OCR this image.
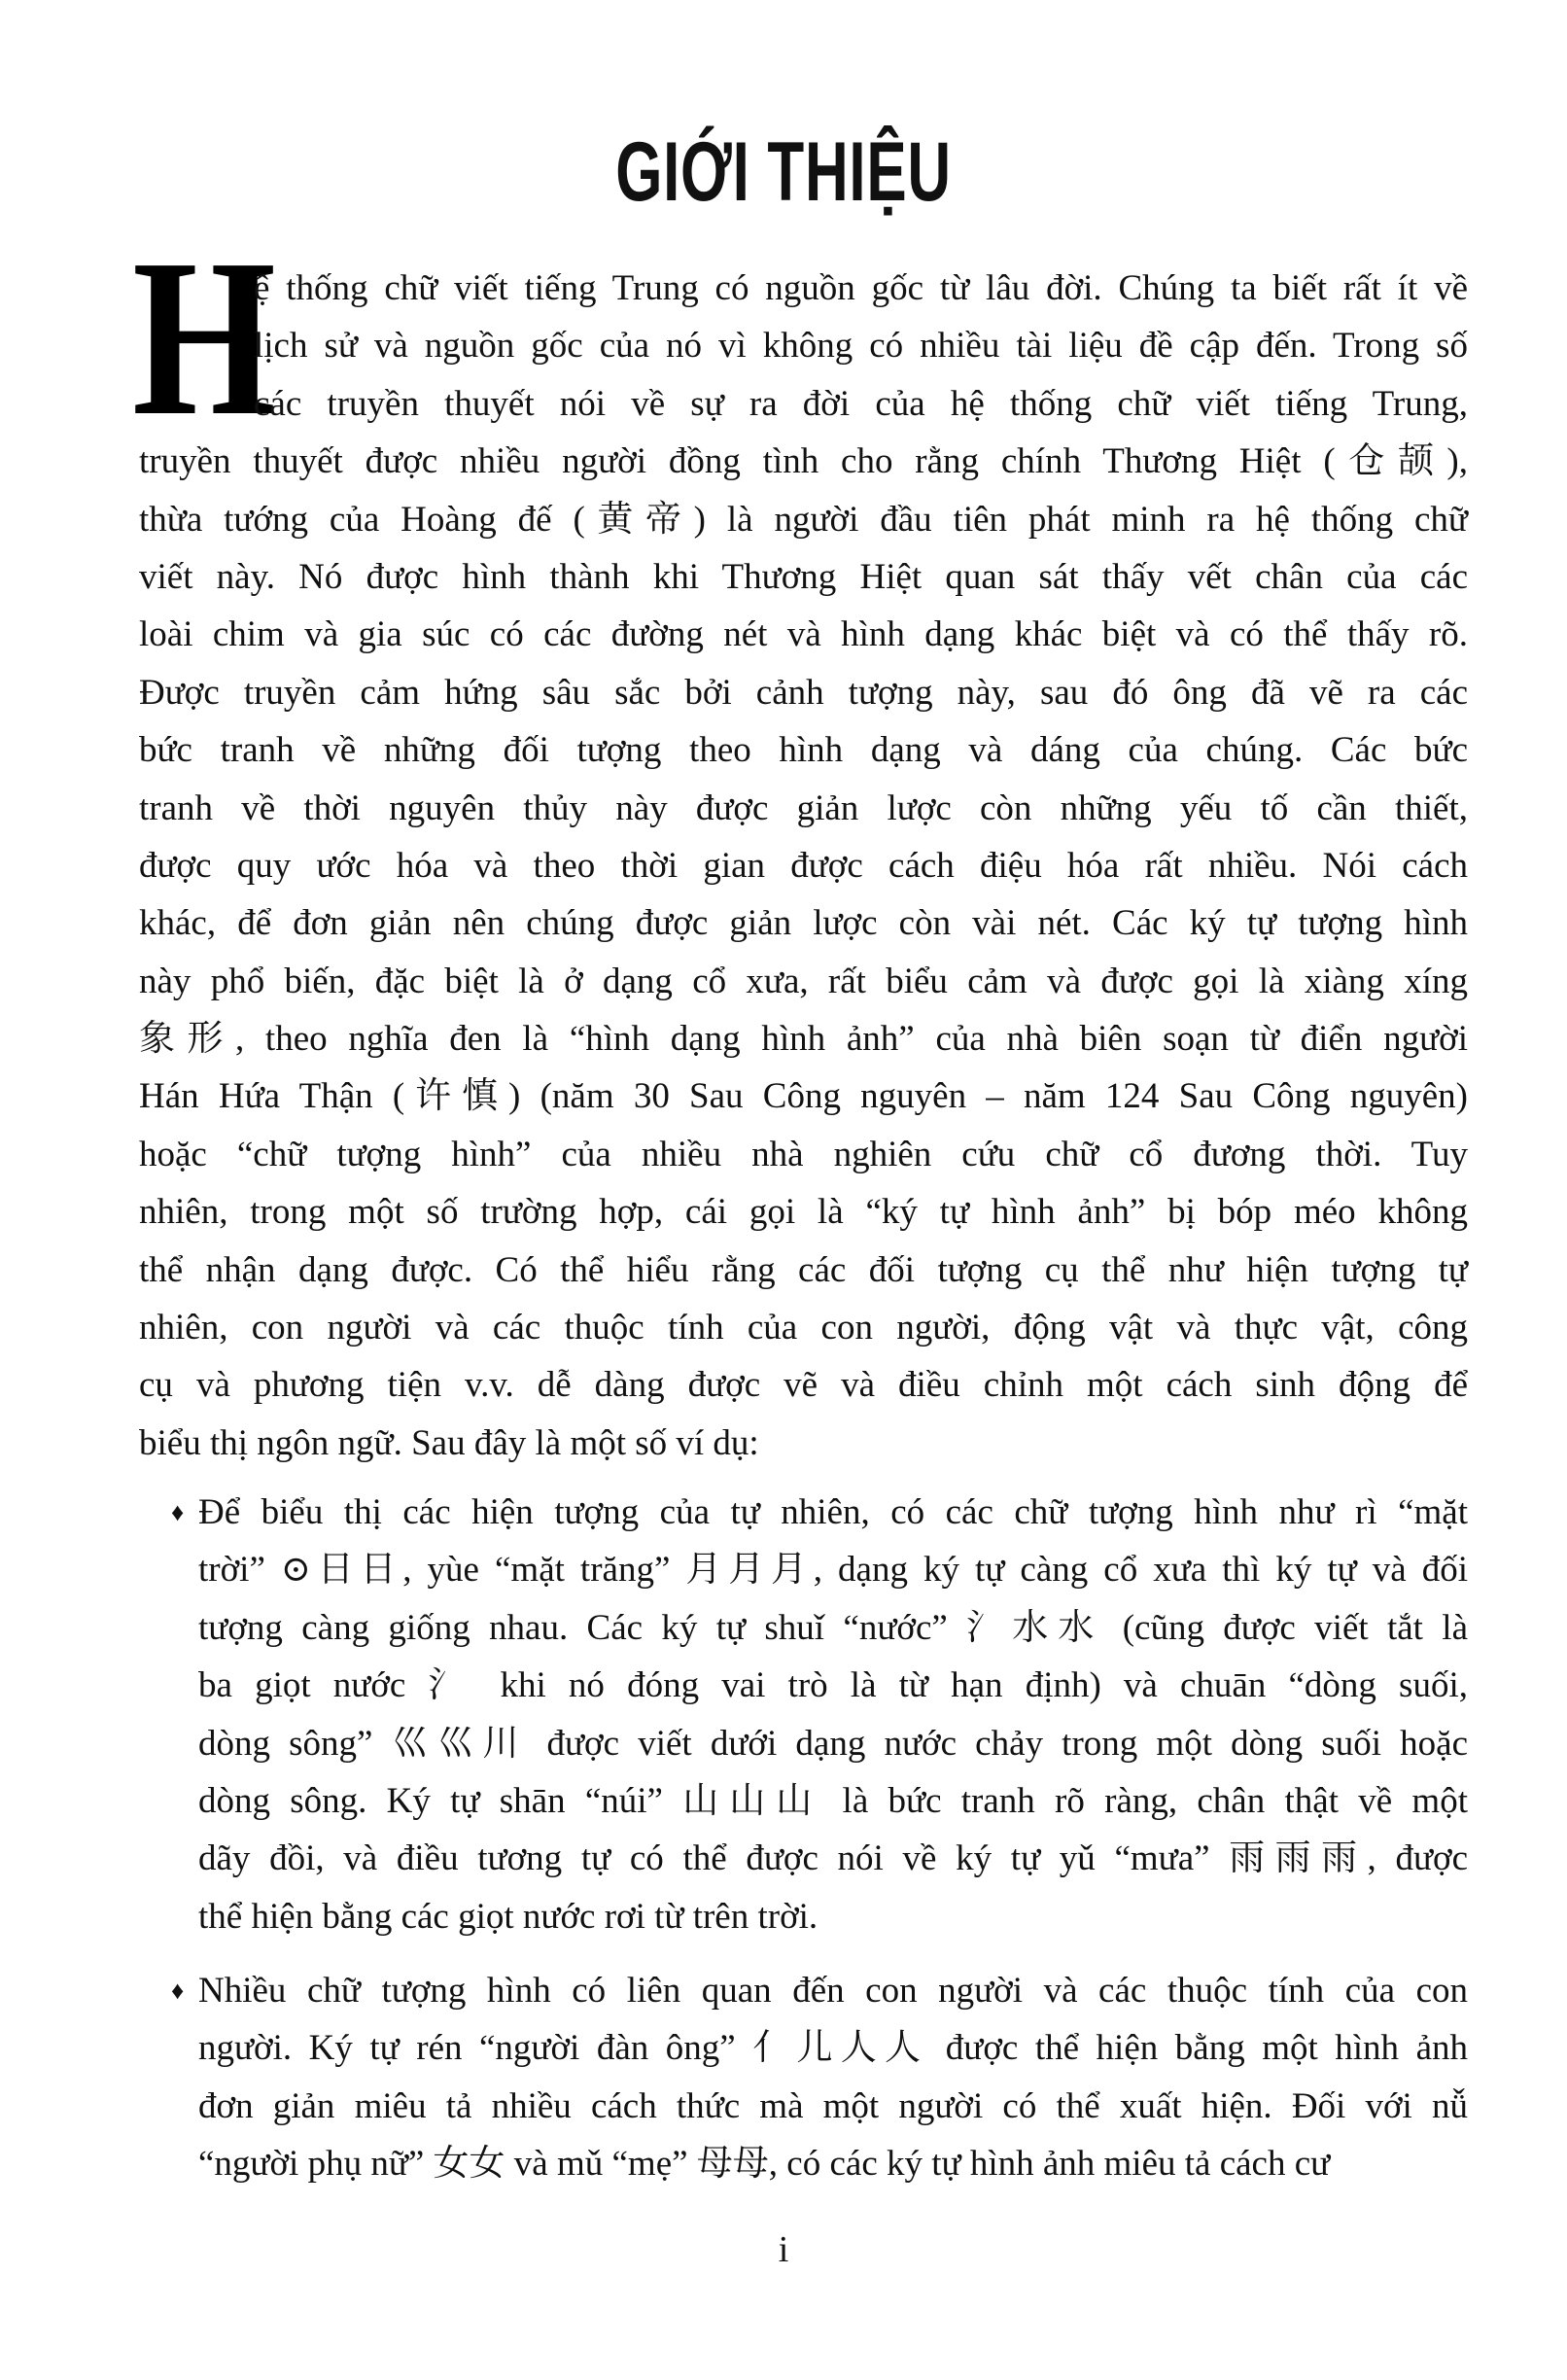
GIỚI THIỆU
H
ệ thống chữ viết tiếng Trung có nguồn gốc từ lâu đời. Chúng ta biết rất ít về
lịch sử và nguồn gốc của nó vì không có nhiều tài liệu đề cập đến. Trong số
các truyền thuyết nói về sự ra đời của hệ thống chữ viết tiếng Trung,
truyền thuyết được nhiều người đồng tình cho rằng chính Thương Hiệt (仓颉),
thừa tướng của Hoàng đế (黄帝) là người đầu tiên phát minh ra hệ thống chữ
viết này. Nó được hình thành khi Thương Hiệt quan sát thấy vết chân của các
loài chim và gia súc có các đường nét và hình dạng khác biệt và có thể thấy rõ.
Được truyền cảm hứng sâu sắc bởi cảnh tượng này, sau đó ông đã vẽ ra các
bức tranh về những đối tượng theo hình dạng và dáng của chúng. Các bức
tranh về thời nguyên thủy này được giản lược còn những yếu tố cần thiết,
được quy ước hóa và theo thời gian được cách điệu hóa rất nhiều. Nói cách
khác, để đơn giản nên chúng được giản lược còn vài nét. Các ký tự tượng hình
này phổ biến, đặc biệt là ở dạng cổ xưa, rất biểu cảm và được gọi là xiàng xíng
象形, theo nghĩa đen là “hình dạng hình ảnh” của nhà biên soạn từ điển người
Hán Hứa Thận (许慎) (năm 30 Sau Công nguyên – năm 124 Sau Công nguyên)
hoặc “chữ tượng hình” của nhiều nhà nghiên cứu chữ cổ đương thời. Tuy
nhiên, trong một số trường hợp, cái gọi là “ký tự hình ảnh” bị bóp méo không
thể nhận dạng được. Có thể hiểu rằng các đối tượng cụ thể như hiện tượng tự
nhiên, con người và các thuộc tính của con người, động vật và thực vật, công
cụ và phương tiện v.v. dễ dàng được vẽ và điều chỉnh một cách sinh động để
biểu thị ngôn ngữ. Sau đây là một số ví dụ:
♦ Để biểu thị các hiện tượng của tự nhiên, có các chữ tượng hình như rì “mặt
trời” ⊙日日, yùe “mặt trăng” 月月月, dạng ký tự càng cổ xưa thì ký tự và đối
tượng càng giống nhau. Các ký tự shuǐ “nước” 氵水水 (cũng được viết tắt là
ba giọt nước 氵 khi nó đóng vai trò là từ hạn định) và chuān “dòng suối,
dòng sông” 巛巛川 được viết dưới dạng nước chảy trong một dòng suối hoặc
dòng sông. Ký tự shān “núi” 山山山 là bức tranh rõ ràng, chân thật về một
dãy đồi, và điều tương tự có thể được nói về ký tự yǔ “mưa” 雨雨雨, được
thể hiện bằng các giọt nước rơi từ trên trời.
♦ Nhiều chữ tượng hình có liên quan đến con người và các thuộc tính của con
người. Ký tự rén “người đàn ông” 亻儿人人 được thể hiện bằng một hình ảnh
đơn giản miêu tả nhiều cách thức mà một người có thể xuất hiện. Đối với nǚ
“người phụ nữ” 女女 và mǔ “mẹ” 母母, có các ký tự hình ảnh miêu tả cách cư
i
